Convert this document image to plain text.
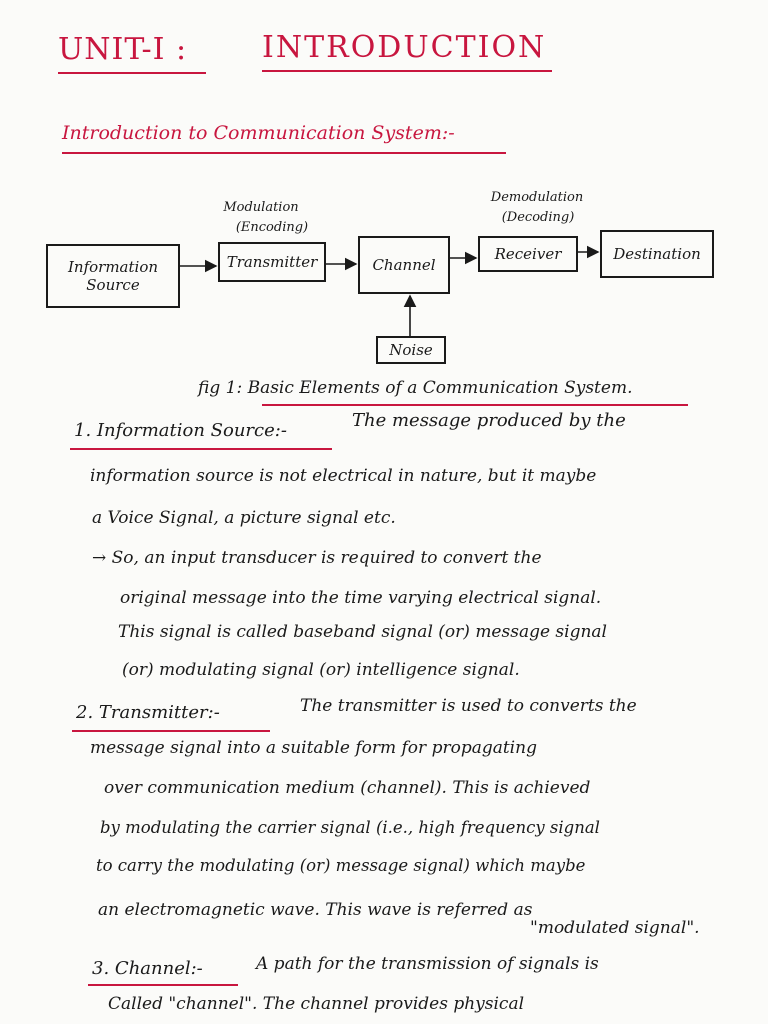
UNIT-I : INTRODUCTION
Introduction to Communication System:-
Modulation
(Encoding)
Demodulation
(Decoding)
Information
Source
Transmitter	Channel
Receiver	Destination
Noise
fig 1: Basic Elements of a Communication System.
1. Information Source:-	The message produced by the
information source is not electrical in nature, but it maybe
a Voice Signal, a picture signal etc.
→ So, an input transducer is required to convert the
original message into the time varying electrical signal.
This signal is called baseband signal (or) message signal
(or) modulating signal (or) intelligence signal.
2. Transmitter:-	The transmitter is used to converts the
message signal into a suitable form for propagating
over communication medium (channel). This is achieved
by modulating the carrier signal (i.e., high frequency signal
to carry the modulating (or) message signal) which maybe
an electromagnetic wave. This wave is referred as
"modulated signal".
3. Channel:-	A path for the transmission of signals is
Called "channel". The channel provides physical
